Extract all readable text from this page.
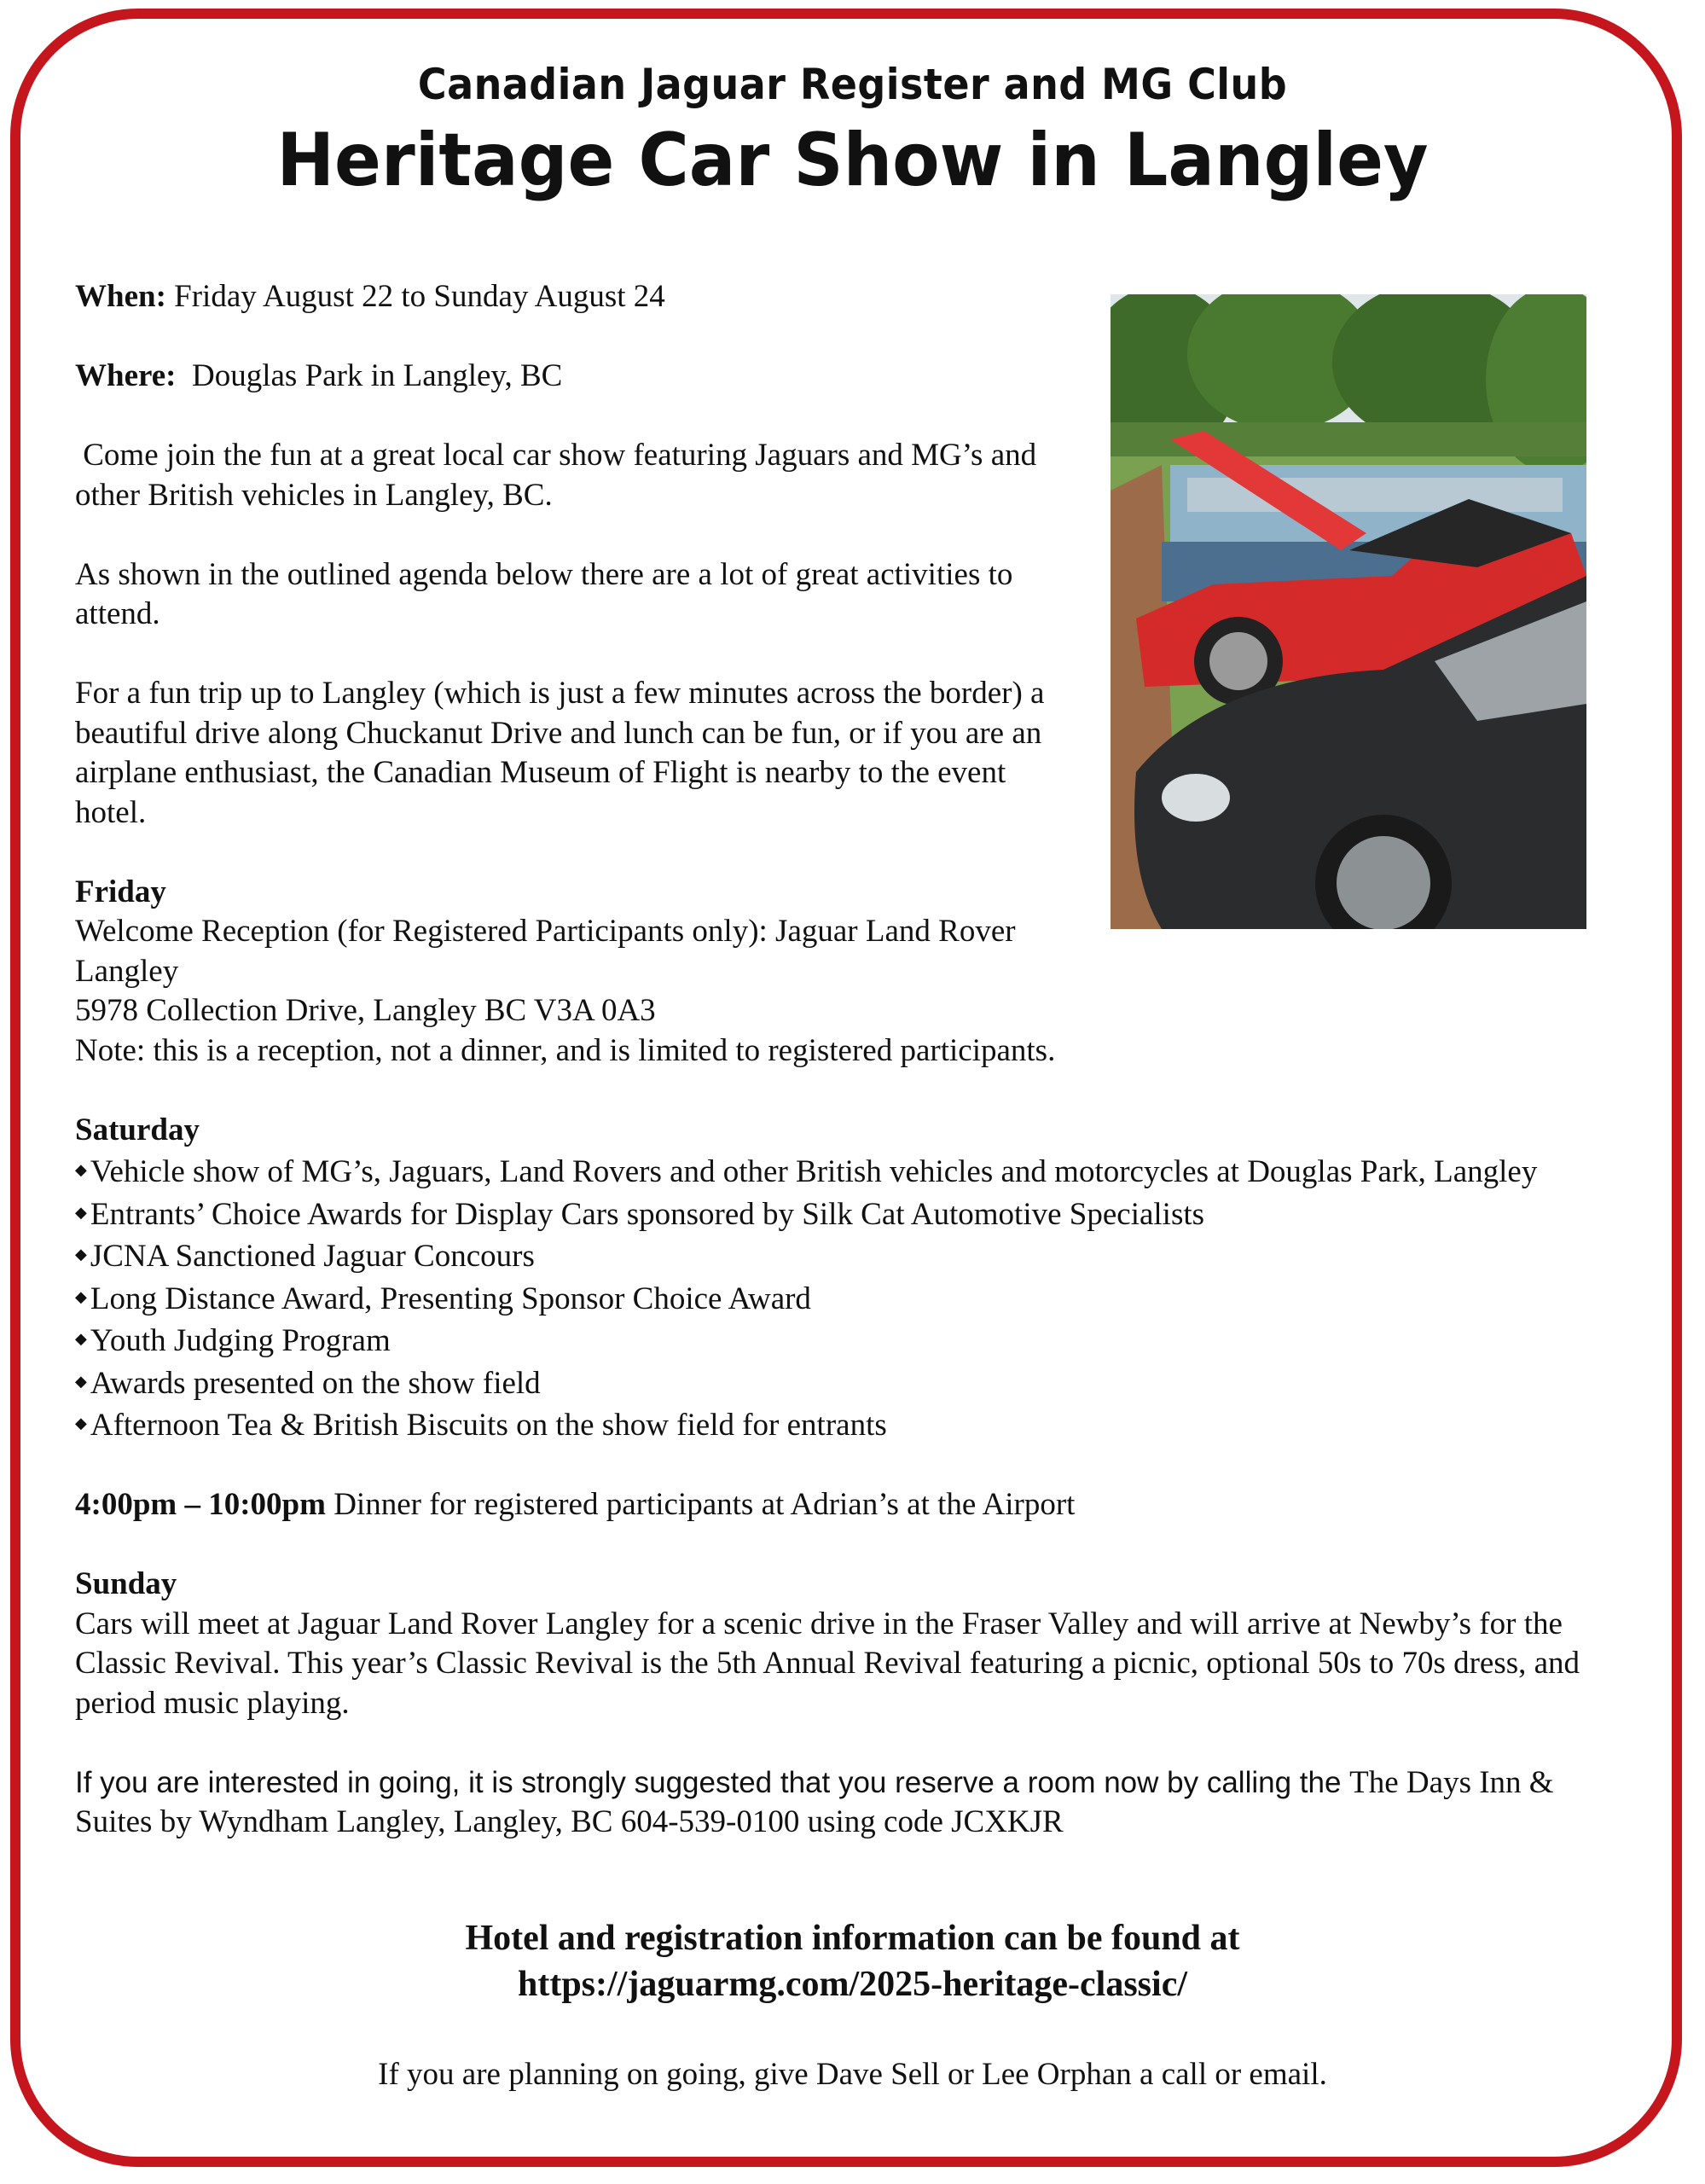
Canadian Jaguar Register and MG Club
Heritage Car Show in Langley

When: Friday August 22 to Sunday August 24

Where:  Douglas Park in Langley, BC

Come join the fun at a great local car show featuring Jaguars and MG’s and other British vehicles in Langley, BC.

As shown in the outlined agenda below there are a lot of great activities to attend.

For a fun trip up to Langley (which is just a few minutes across the border) a beautiful drive along Chuckanut Drive and lunch can be fun, or if you are an airplane enthusiast, the Canadian Museum of Flight is nearby to the event hotel.

Friday

Welcome Reception (for Registered Participants only): Jaguar Land Rover Langley

5978 Collection Drive, Langley BC V3A 0A3

Note: this is a reception, not a dinner, and is limited to registered participants.

Saturday

◆ Vehicle show of MG’s, Jaguars, Land Rovers and other British vehicles and motorcycles at Douglas Park, Langley

◆ Entrants’ Choice Awards for Display Cars sponsored by Silk Cat Automotive Specialists

◆ JCNA Sanctioned Jaguar Concours

◆ Long Distance Award, Presenting Sponsor Choice Award

◆ Youth Judging Program

◆ Awards presented on the show field

◆ Afternoon Tea & British Biscuits on the show field for entrants

4:00pm – 10:00pm Dinner for registered participants at Adrian’s at the Airport

Sunday

Cars will meet at Jaguar Land Rover Langley for a scenic drive in the Fraser Valley and will arrive at Newby’s for the Classic Revival. This year’s Classic Revival is the 5th Annual Revival featuring a picnic, optional 50s to 70s dress, and period music playing.

If you are interested in going, it is strongly suggested that you reserve a room now by calling the The Days Inn & Suites by Wyndham Langley, Langley, BC 604-539-0100 using code JCXKJR

Hotel and registration information can be found at
https://jaguarmg.com/2025-heritage-classic/
If you are planning on going, give Dave Sell or Lee Orphan a call or email.
